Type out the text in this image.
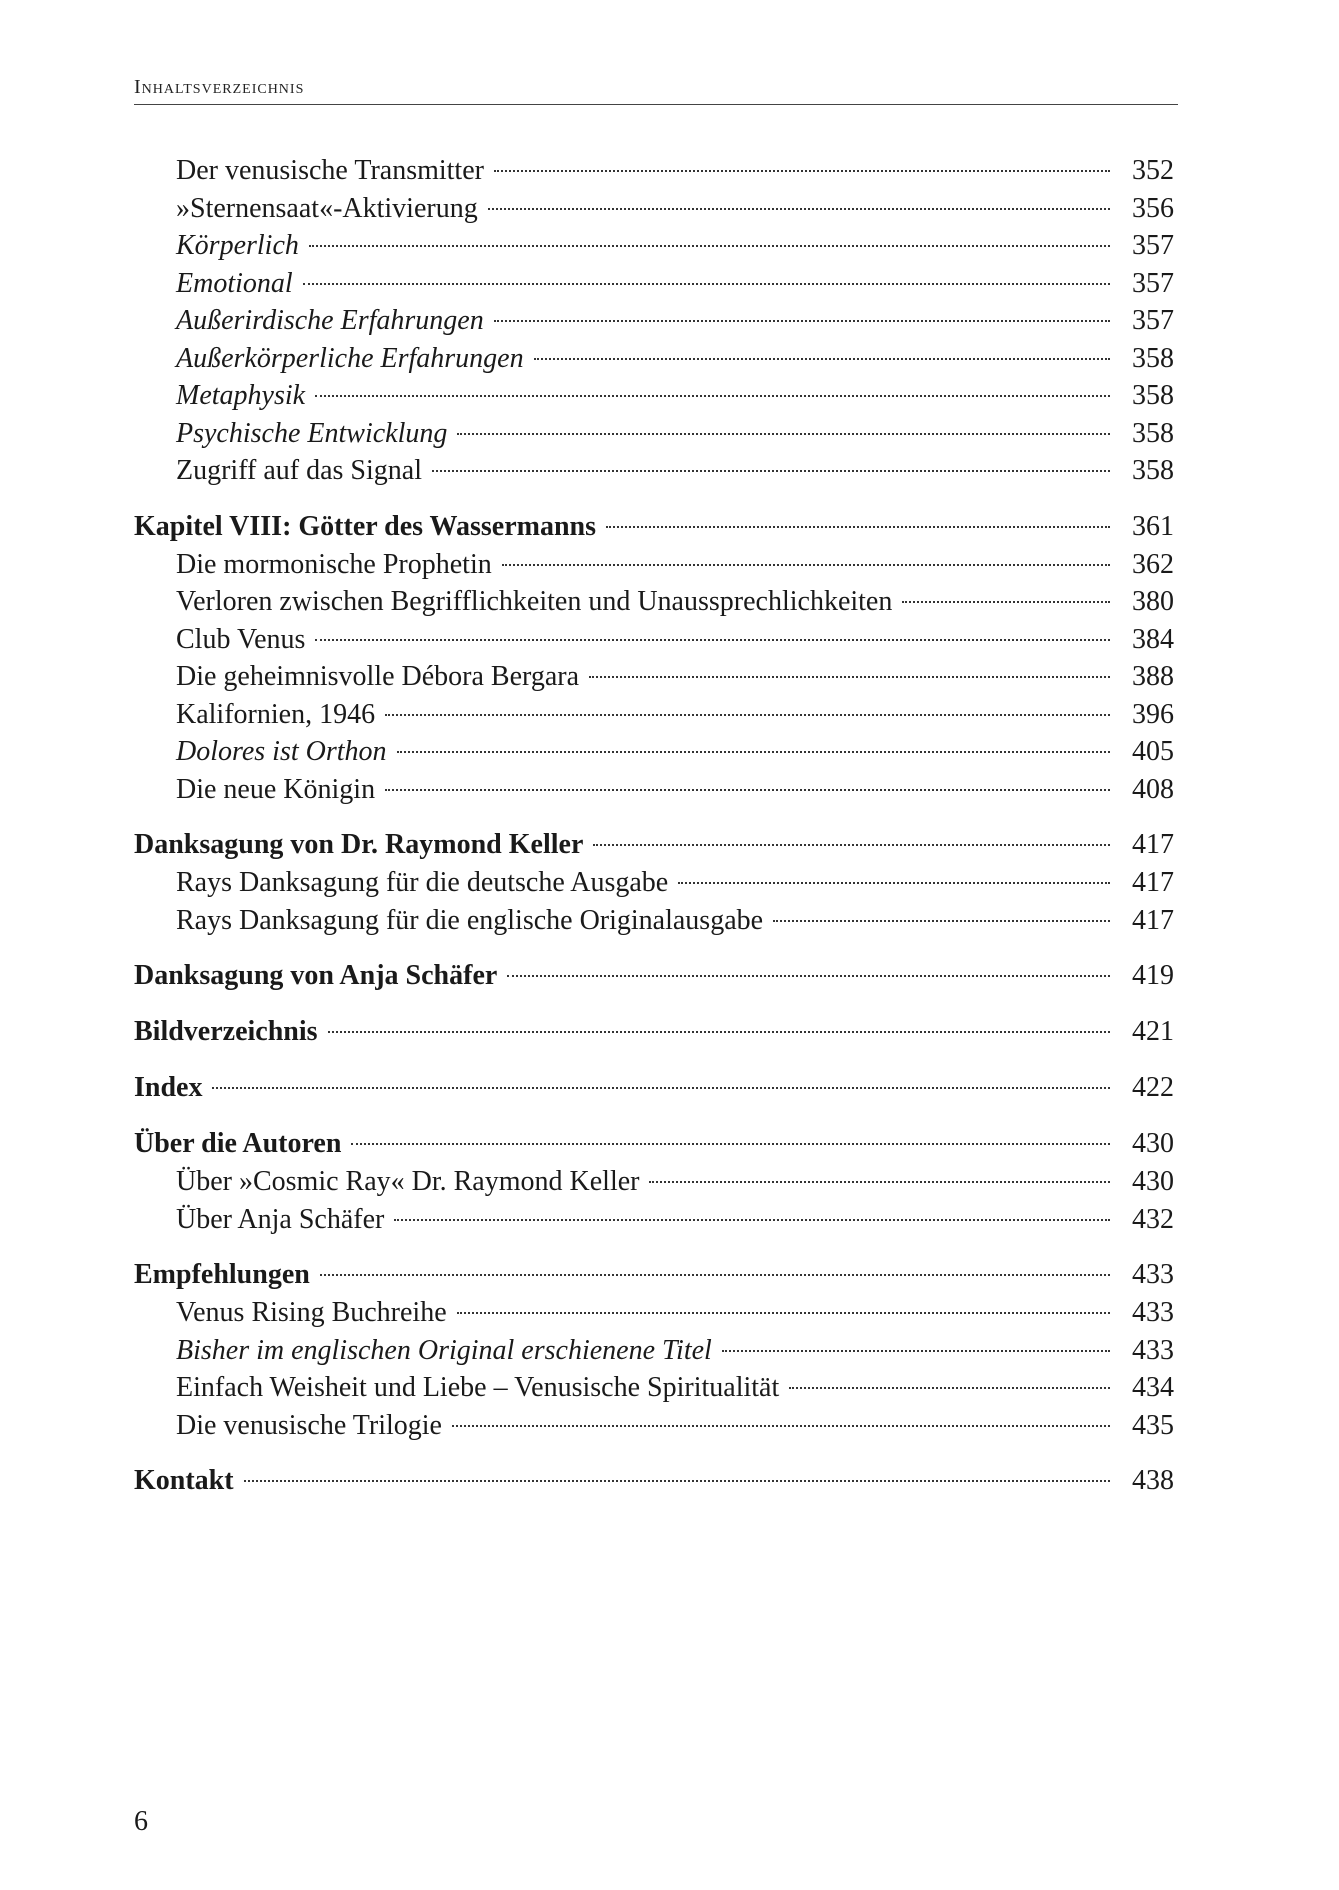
Inhaltsverzeichnis
Der venusische Transmitter	352
»Sternensaat«-Aktivierung	356
Körperlich	357
Emotional	357
Außerirdische Erfahrungen	357
Außerkörperliche Erfahrungen	358
Metaphysik	358
Psychische Entwicklung	358
Zugriff auf das Signal	358
Kapitel VIII: Götter des Wassermanns	361
Die mormonische Prophetin	362
Verloren zwischen Begrifflichkeiten und Unaussprechlichkeiten	380
Club Venus	384
Die geheimnisvolle Débora Bergara	388
Kalifornien, 1946	396
Dolores ist Orthon	405
Die neue Königin	408
Danksagung von Dr. Raymond Keller	417
Rays Danksagung für die deutsche Ausgabe	417
Rays Danksagung für die englische Originalausgabe	417
Danksagung von Anja Schäfer	419
Bildverzeichnis	421
Index	422
Über die Autoren	430
Über »Cosmic Ray« Dr. Raymond Keller	430
Über Anja Schäfer	432
Empfehlungen	433
Venus Rising Buchreihe	433
Bisher im englischen Original erschienene Titel	433
Einfach Weisheit und Liebe – Venusische Spiritualität	434
Die venusische Trilogie	435
Kontakt	438
6
